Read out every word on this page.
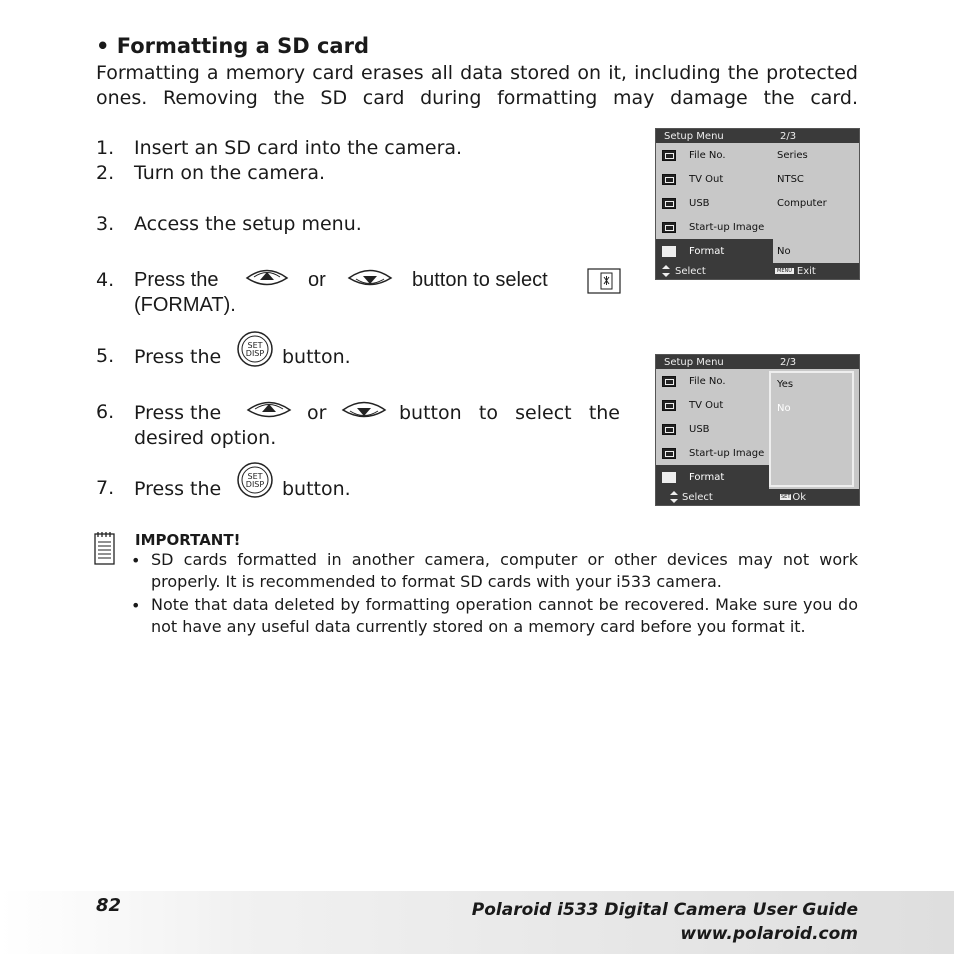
• Formatting a SD card
Formatting a memory card erases all data stored on it, including the protected ones. Removing the SD card during formatting may damage the card.
1. Insert an SD card into the camera.
2. Turn on the camera.
3. Access the setup menu.
4. Press the	or	button to select
(FORMAT).
5. Press the
SET
DISP button.
6. Press the	or	button to select the
desired option.
7. Press the
SET
DISP button.
Setup Menu	2/3
File No.	Series
TV Out	NTSC
USB	Computer
Start-up Image
Format	No
Select	MENU Exit
Setup Menu	2/3
File No.
TV Out
USB
Start-up Image
Format
Yes
No
Select	SET Ok
IMPORTANT!
• SD cards formatted in another camera, computer or other devices may not work properly. It is recommended to format SD cards with your i533 camera.
• Note that data deleted by formatting operation cannot be recovered. Make sure you do not have any useful data currently stored on a memory card before you format it.
82	Polaroid i533 Digital Camera User Guide
www.polaroid.com
